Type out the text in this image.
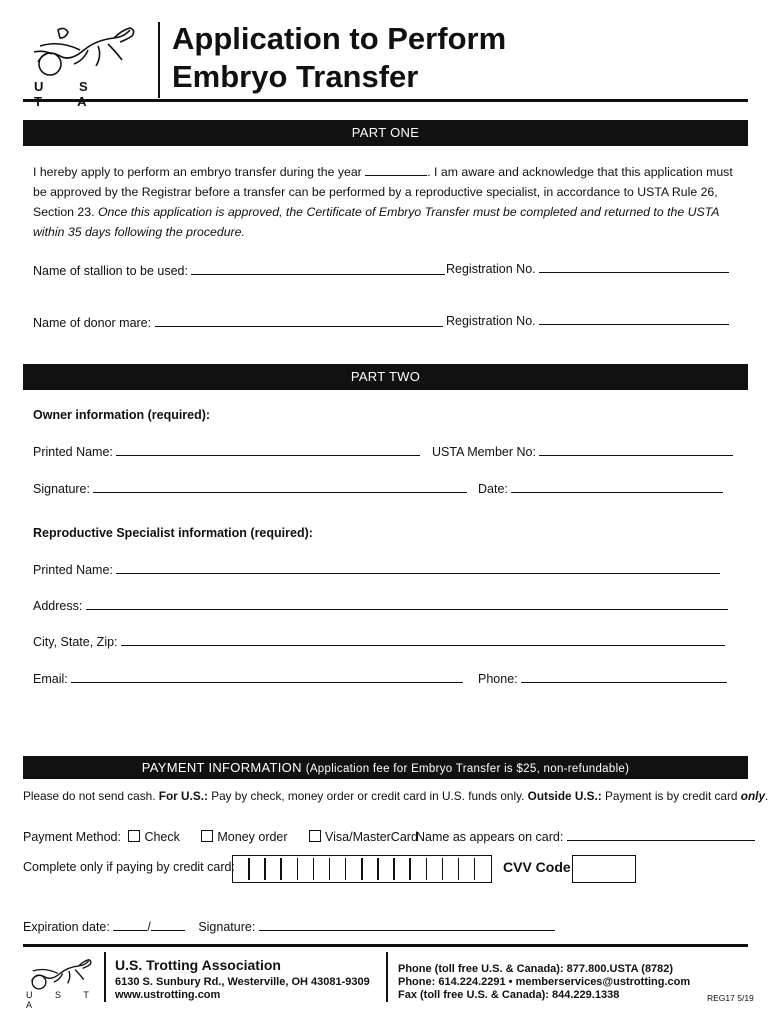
U S
Application to Perform
Embryo Transfer
PART ONE
I hereby apply to perform an embryo transfer during the year	. I am aware and acknowledge that this application must be approved by the Registrar before a transfer can be performed by a reproductive specialist, in accordance to USTA Rule 26, Section 23. Once this application is approved, the Certificate of Embryo Transfer must be completed and returned to the USTA within 35 days following the procedure.
Name of stallion to be used:	Registration No.
Name of donor mare:	Registration No.
PART TWO
Owner information (required):
Printed Name:	USTA Member No:
Signature:	Date:
Reproductive Specialist information (required):
Printed Name:
Address:
City, State, Zip:
Email:	Phone:
PAYMENT INFORMATION (Application fee for Embryo Transfer is $25, non-refundable)
Please do not send cash. For U.S.: Pay by check, money order or credit card in U.S. funds only. Outside U.S.: Payment is by credit card only.
Payment Method: Check	Money order	Visa/MasterCard
Name as appears on card:
Complete only if paying by credit card:	CVV Code
Expiration date:	/	Signature:
U S T A
U.S. Trotting Association
6130 S. Sunbury Rd., Westerville, OH 43081-9309
www.ustrotting.com
Phone (toll free U.S. & Canada): 877.800.USTA (8782)
Phone: 614.224.2291 • memberservices@ustrotting.com
Fax (toll free U.S. & Canada): 844.229.1338	REG17 5/19
